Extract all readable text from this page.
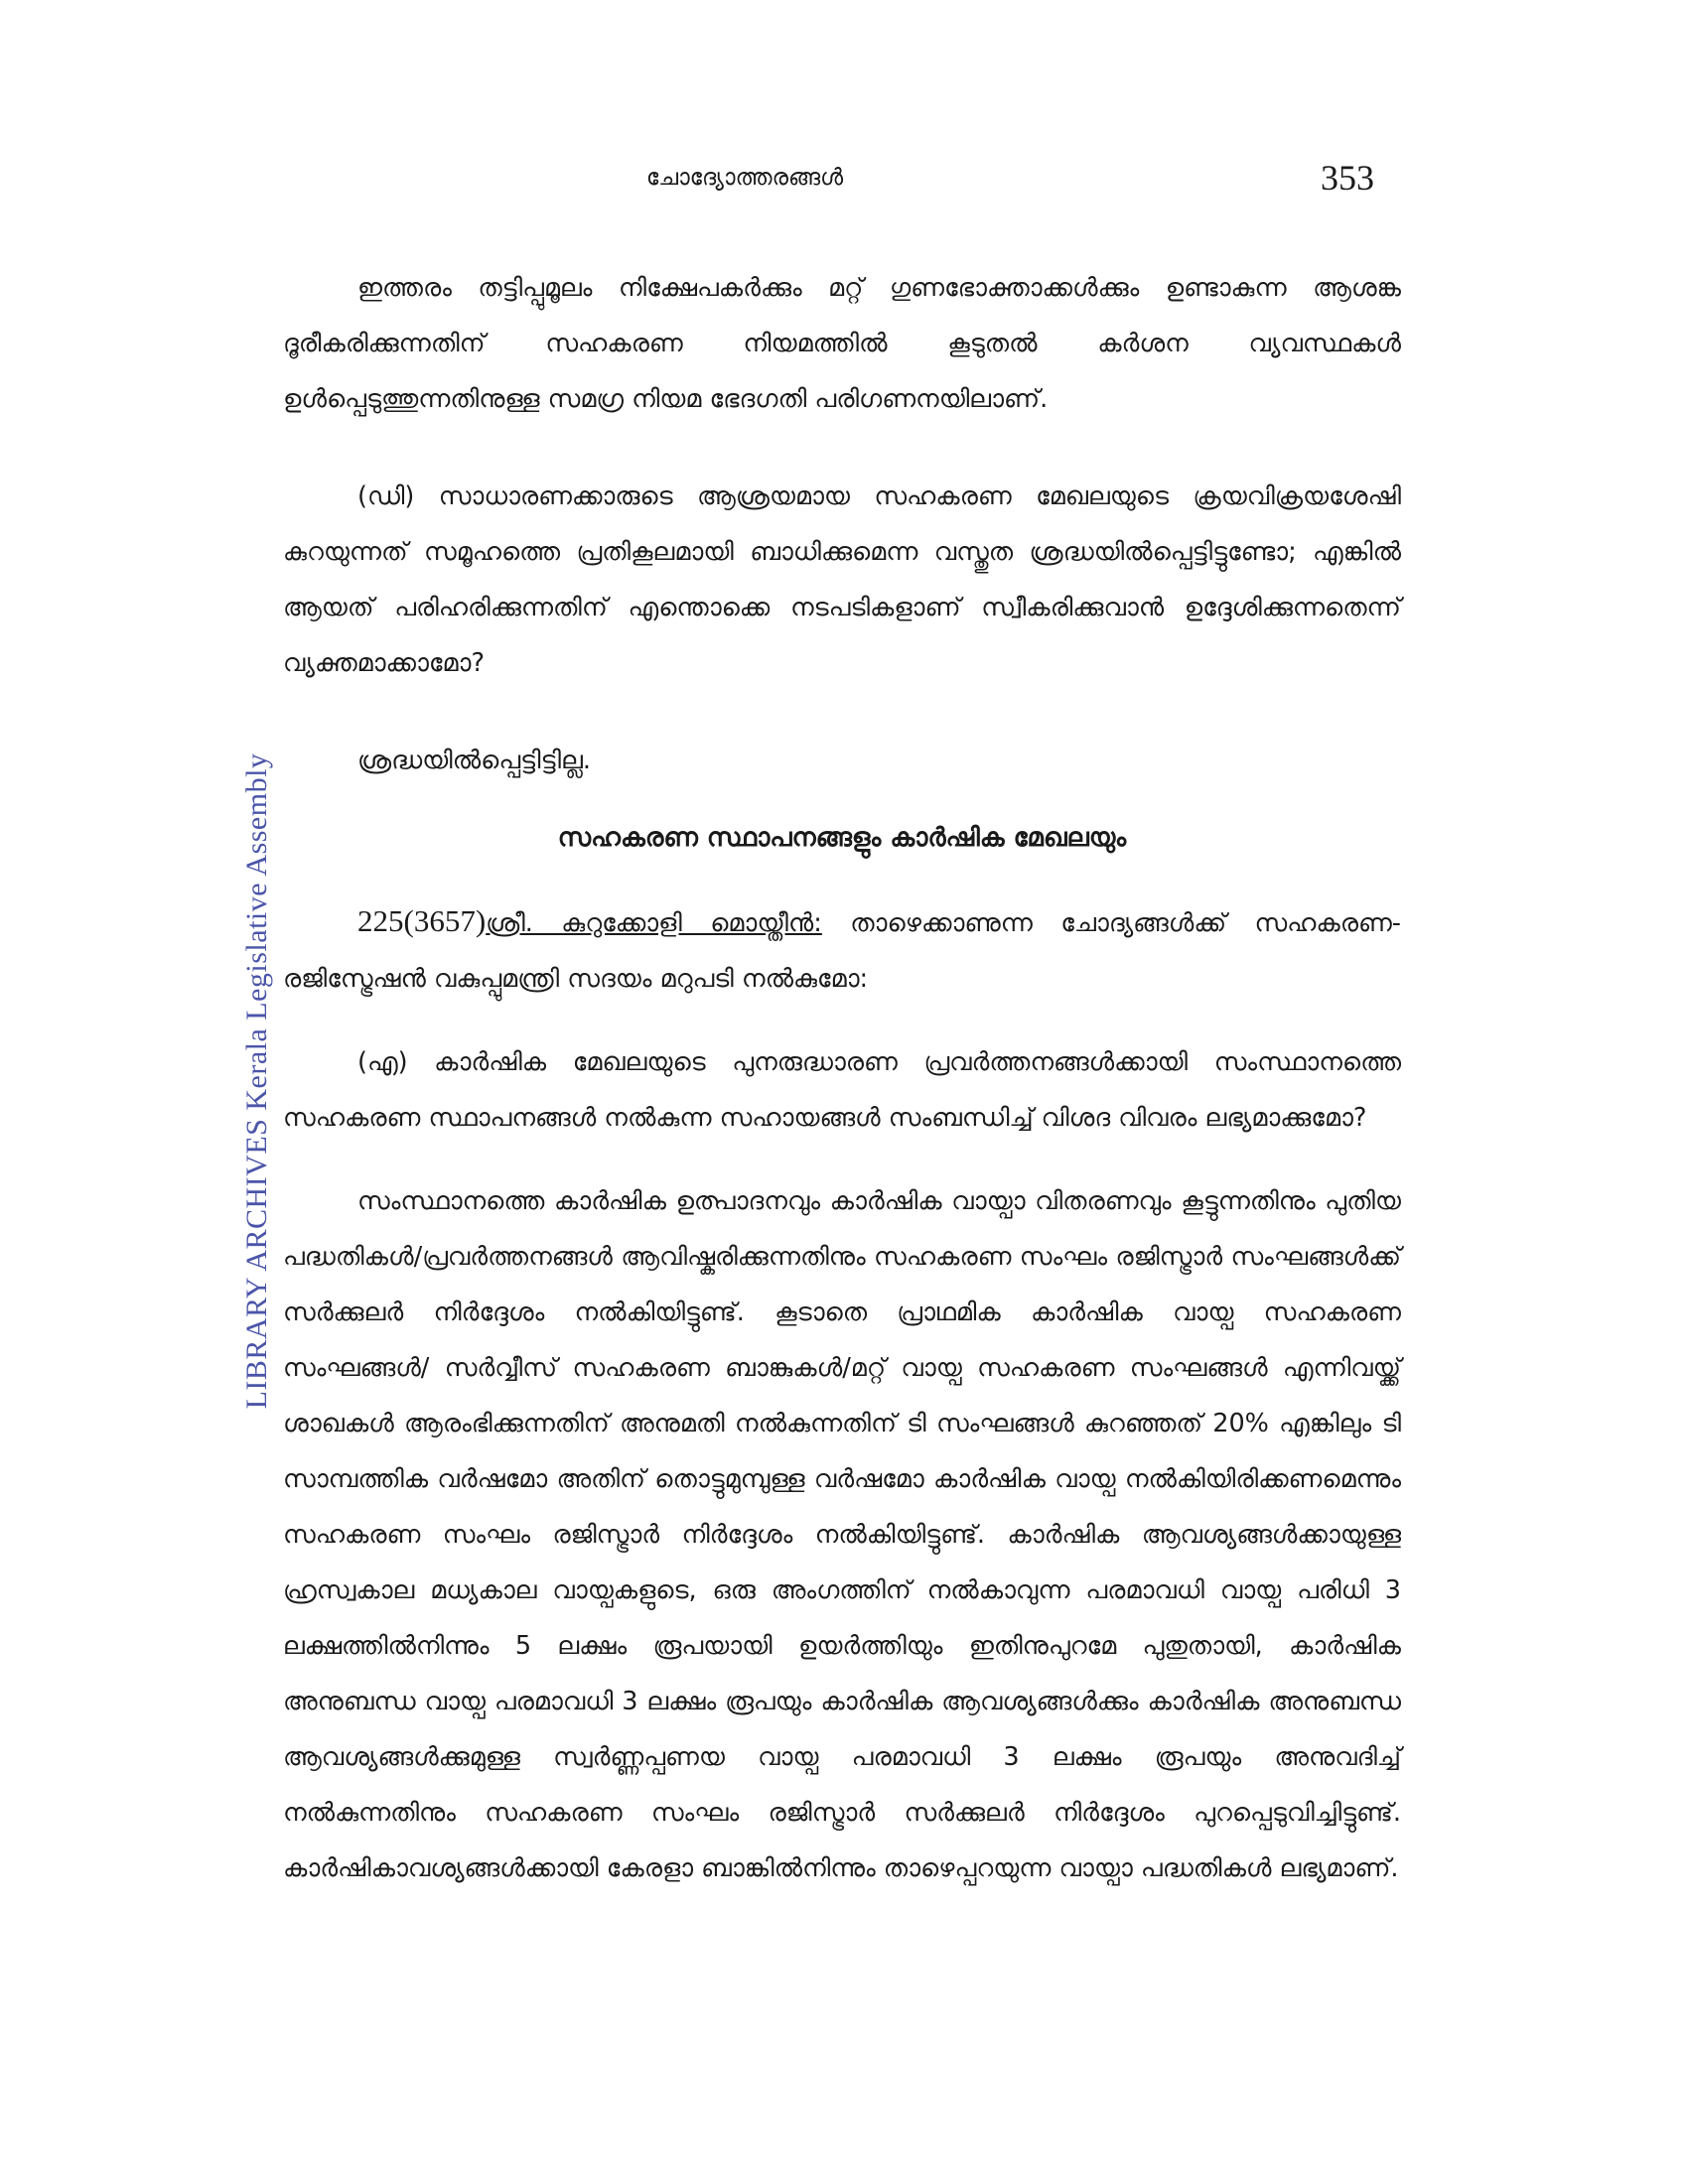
ചോദ്യോത്തരങ്ങൾ	353
LIBRARY ARCHIVES Kerala Legislative Assembly

ഇത്തരം തട്ടിപ്പുമൂലം നിക്ഷേപകർക്കും മറ്റ് ഗുണഭോക്താക്കൾക്കും ഉണ്ടാകുന്ന ആശങ്ക ദൂരീകരിക്കുന്നതിന് സഹകരണ നിയമത്തിൽ കൂടുതൽ കർശന വ്യവസ്ഥകൾ ഉൾപ്പെടുത്തുന്നതിനുള്ള സമഗ്ര നിയമ ഭേദഗതി പരിഗണനയിലാണ്.

(ഡി) സാധാരണക്കാരുടെ ആശ്രയമായ സഹകരണ മേഖലയുടെ ക്രയവിക്രയശേഷി കുറയുന്നത് സമൂഹത്തെ പ്രതികൂലമായി ബാധിക്കുമെന്ന വസ്തുത ശ്രദ്ധയിൽപ്പെട്ടിട്ടുണ്ടോ; എങ്കിൽ ആയത് പരിഹരിക്കുന്നതിന് എന്തൊക്കെ നടപടികളാണ് സ്വീകരിക്കുവാൻ ഉദ്ദേശിക്കുന്നതെന്ന് വ്യക്തമാക്കാമോ?

ശ്രദ്ധയിൽപ്പെട്ടിട്ടില്ല.

സഹകരണ സ്ഥാപനങ്ങളും കാർഷിക മേഖലയും

225(3657)ശ്രീ. കുറുക്കോളി മൊയ്തീൻ: താഴെക്കാണുന്ന ചോദ്യങ്ങൾക്ക് സഹകരണ-രജിസ്ട്രേഷൻ വകുപ്പുമന്ത്രി സദയം മറുപടി നൽകുമോ:

(എ) കാർഷിക മേഖലയുടെ പുനരുദ്ധാരണ പ്രവർത്തനങ്ങൾക്കായി സംസ്ഥാനത്തെ സഹകരണ സ്ഥാപനങ്ങൾ നൽകുന്ന സഹായങ്ങൾ സംബന്ധിച്ച് വിശദ വിവരം ലഭ്യമാക്കുമോ?

സംസ്ഥാനത്തെ കാർഷിക ഉത്പാദനവും കാർഷിക വായ്പാ വിതരണവും കൂട്ടുന്നതിനും പുതിയ പദ്ധതികൾ/പ്രവർത്തനങ്ങൾ ആവിഷ്കരിക്കുന്നതിനും സഹകരണ സംഘം രജിസ്ട്രാർ സംഘങ്ങൾക്ക് സർക്കുലർ നിർദ്ദേശം നൽകിയിട്ടുണ്ട്. കൂടാതെ പ്രാഥമിക കാർഷിക വായ്പ സഹകരണ സംഘങ്ങൾ/ സർവ്വീസ് സഹകരണ ബാങ്കുകൾ/മറ്റ് വായ്പ സഹകരണ സംഘങ്ങൾ എന്നിവയ്ക്ക് ശാഖകൾ ആരംഭിക്കുന്നതിന് അനുമതി നൽകുന്നതിന് ടി സംഘങ്ങൾ കുറഞ്ഞത് 20% എങ്കിലും ടി സാമ്പത്തിക വർഷമോ അതിന് തൊട്ടുമുമ്പുള്ള വർഷമോ കാർഷിക വായ്പ നൽകിയിരിക്കണമെന്നും സഹകരണ സംഘം രജിസ്ട്രാർ നിർദ്ദേശം നൽകിയിട്ടുണ്ട്. കാർഷിക ആവശ്യങ്ങൾക്കായുള്ള ഹ്രസ്വകാല മധ്യകാല വായ്പകളുടെ, ഒരു അംഗത്തിന് നൽകാവുന്ന പരമാവധി വായ്പ പരിധി 3 ലക്ഷത്തിൽനിന്നും 5 ലക്ഷം രൂപയായി ഉയർത്തിയും ഇതിനുപുറമേ പുതുതായി, കാർഷിക അനുബന്ധ വായ്പ പരമാവധി 3 ലക്ഷം രൂപയും കാർഷിക ആവശ്യങ്ങൾക്കും കാർഷിക അനുബന്ധ ആവശ്യങ്ങൾക്കുമുള്ള സ്വർണ്ണപ്പണയ വായ്പ പരമാവധി 3 ലക്ഷം രൂപയും അനുവദിച്ച് നൽകുന്നതിനും സഹകരണ സംഘം രജിസ്ട്രാർ സർക്കുലർ നിർദ്ദേശം പുറപ്പെടുവിച്ചിട്ടുണ്ട്. കാർഷികാവശ്യങ്ങൾക്കായി കേരളാ ബാങ്കിൽനിന്നും താഴെപ്പറയുന്ന വായ്പാ പദ്ധതികൾ ലഭ്യമാണ്.
